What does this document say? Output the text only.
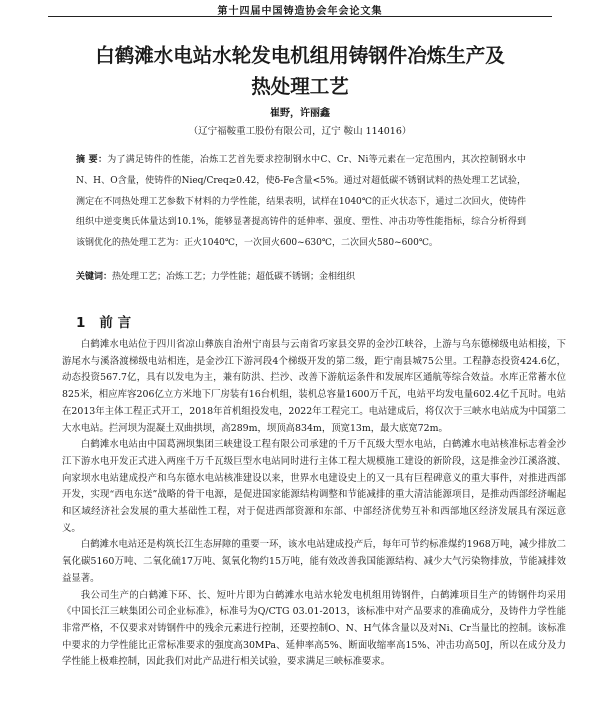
第十四届中国铸造协会年会论文集
白鹤滩水电站水轮发电机组用铸钢件冶炼生产及
热处理工艺
崔野，许丽鑫
（辽宁福鞍重工股份有限公司，辽宁 鞍山 114016）
摘 要：为了满足铸件的性能，冶炼工艺首先要求控制钢水中C、Cr、Ni等元素在一定范围内，其次控制钢水中N、H、O含量，使铸件的Nieq/Creq≥0.42，使δ-Fe含量<5%。通过对超低碳不锈钢试料的热处理工艺试验，测定在不同热处理工艺参数下材料的力学性能，结果表明，试样在1040℃的正火状态下，通过二次回火，使铸件组织中逆变奥氏体量达到10.1%，能够显著提高铸件的延伸率、强度、塑性、冲击功等性能指标，综合分析得到该钢优化的热处理工艺为：正火1040℃，一次回火600~630℃，二次回火580~600℃。
关键词：热处理工艺；冶炼工艺；力学性能；超低碳不锈钢；金相组织
1 前 言

白鹤滩水电站位于四川省凉山彝族自治州宁南县与云南省巧家县交界的金沙江峡谷，上游与乌东德梯级电站相接，下游尾水与溪洛渡梯级电站相连，是金沙江下游河段4个梯级开发的第二级，距宁南县城75公里。工程静态投资424.6亿，动态投资567.7亿，具有以发电为主，兼有防洪、拦沙、改善下游航运条件和发展库区通航等综合效益。水库正常蓄水位825米，相应库容206亿立方米地下厂房装有16台机组，装机总容量1600万千瓦，电站平均发电量602.4亿千瓦时。电站在2013年主体工程正式开工，2018年首机组投发电，2022年工程完工。电站建成后，将仅次于三峡水电站成为中国第二大水电站。拦河坝为混凝土双曲拱坝，高289m，坝顶高834m，顶宽13m，最大底宽72m。

白鹤滩水电站由中国葛洲坝集团三峡建设工程有限公司承建的千万千瓦级大型水电站，白鹤滩水电站核准标志着金沙江下游水电开发正式进入两座千万千瓦级巨型水电站同时进行主体工程大规模施工建设的新阶段，这是推金沙江溪洛渡、向家坝水电站建成投产和乌东德水电站核准建设以来，世界水电建设史上的又一具有巨程碑意义的重大事件，对推进西部开发，实现“西电东送”战略的骨干电源，是促进国家能源结构调整和节能减排的重大清洁能源项目，是推动西部经济崛起和区域经济社会发展的重大基础性工程，对于促进西部资源和东部、中部经济优势互补和西部地区经济发展具有深远意义。

白鹤滩水电站还是构筑长江生态屏障的重要一环，该水电站建成投产后，每年可节约标准煤约1968万吨，减少排放二氧化碳5160万吨、二氧化硫17万吨、氮氧化物约15万吨，能有效改善我国能源结构、减少大气污染物排放，节能减排效益显著。

我公司生产的白鹤滩下环、长、短叶片即为白鹤滩水电站水轮发电机组用铸钢件，白鹤滩项目生产的铸钢件均采用《中国长江三峡集团公司企业标准》，标准号为Q/CTG 03.01-2013，该标准中对产品要求的准确成分，及铸件力学性能非常严格，不仅要求对铸钢件中的残余元素进行控制，还要控制O、N、H气体含量以及对Ni、Cr当量比的控制。该标准中要求的力学性能比正常标准要求的强度高30MPa、延伸率高5%、断面收缩率高15%、冲击功高50J，所以在成分及力学性能上极难控制，因此我们对此产品进行相关试验，要求满足三峡标准要求。
